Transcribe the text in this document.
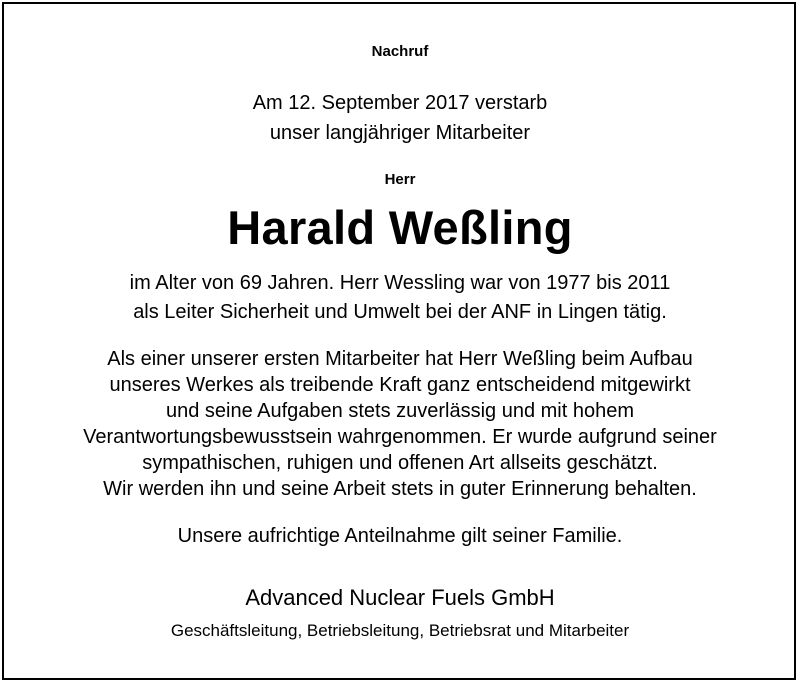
Nachruf
Am 12. September 2017 verstarb
unser langjähriger Mitarbeiter
Herr
Harald Weßling
im Alter von 69 Jahren. Herr Wessling war von 1977 bis 2011
als Leiter Sicherheit und Umwelt bei der ANF in Lingen tätig.
Als einer unserer ersten Mitarbeiter hat Herr Weßling beim Aufbau
unseres Werkes als treibende Kraft ganz entscheidend mitgewirkt
und seine Aufgaben stets zuverlässig und mit hohem
Verantwortungsbewusstsein wahrgenommen. Er wurde aufgrund seiner
sympathischen, ruhigen und offenen Art allseits geschätzt.
Wir werden ihn und seine Arbeit stets in guter Erinnerung behalten.
Unsere aufrichtige Anteilnahme gilt seiner Familie.
Advanced Nuclear Fuels GmbH
Geschäftsleitung, Betriebsleitung, Betriebsrat und Mitarbeiter
